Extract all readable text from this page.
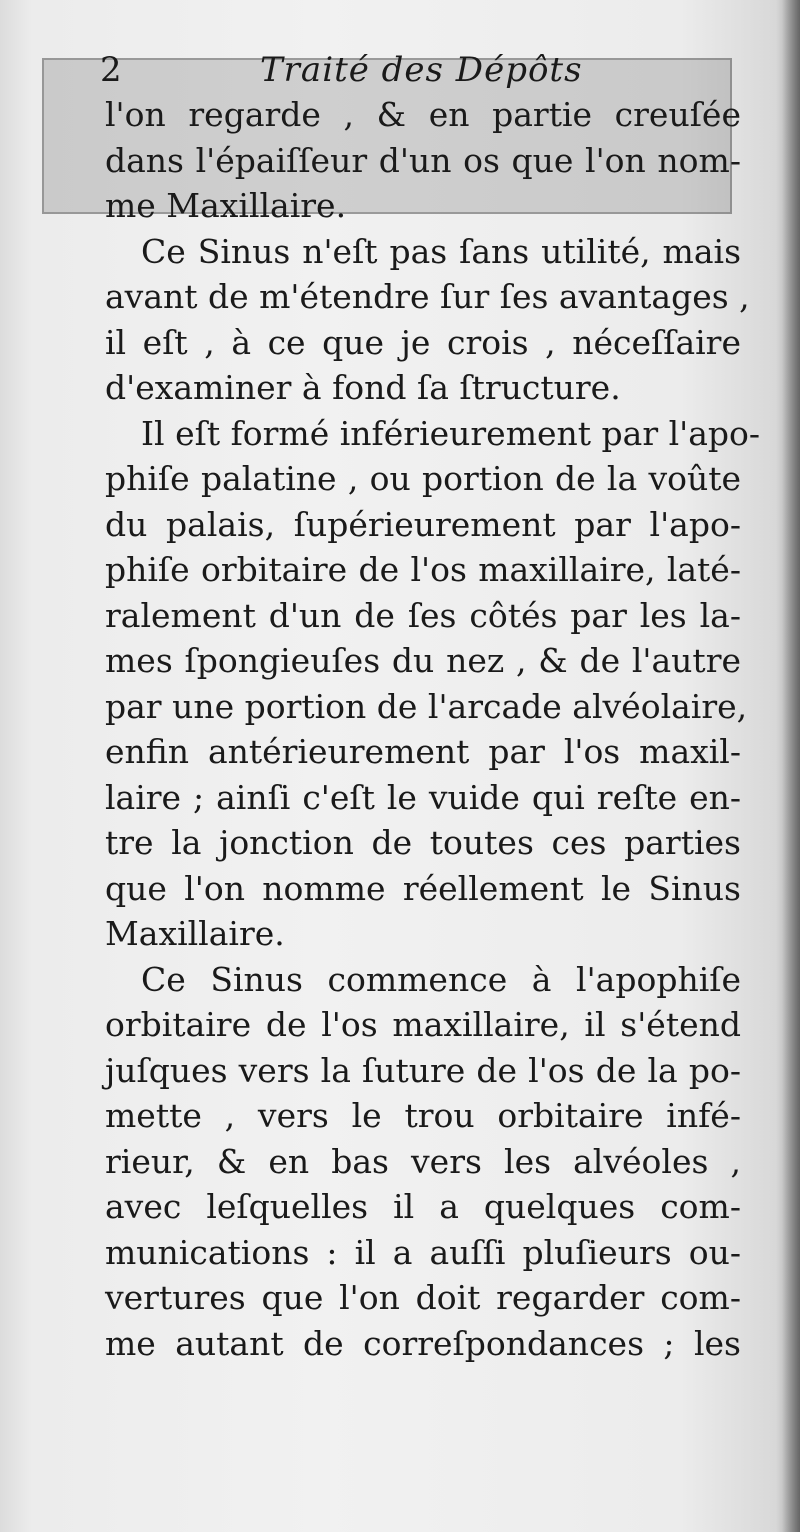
2	Traité des Dépôts
l'on regarde , & en partie creuſée
dans l'épaiſſeur d'un os que l'on nom-
me Maxillaire.
Ce Sinus n'eſt pas ſans utilité, mais
avant de m'étendre ſur ſes avantages ,
il eſt , à ce que je crois , néceſſaire
d'examiner à fond ſa ſtructure.
Il eſt formé inférieurement par l'apo-
phiſe palatine , ou portion de la voûte
du palais, ſupérieurement par l'apo-
phiſe orbitaire de l'os maxillaire, laté-
ralement d'un de ſes côtés par les la-
mes ſpongieuſes du nez , & de l'autre
par une portion de l'arcade alvéolaire,
enfin antérieurement par l'os maxil-
laire ; ainſi c'eſt le vuide qui reſte en-
tre la jonction de toutes ces parties
que l'on nomme réellement le Sinus
Maxillaire.
Ce Sinus commence à l'apophiſe
orbitaire de l'os maxillaire, il s'étend
juſques vers la ſuture de l'os de la po-
mette , vers le trou orbitaire infé-
rieur, & en bas vers les alvéoles ,
avec leſquelles il a quelques com-
munications : il a auſſi pluſieurs ou-
vertures que l'on doit regarder com-
me autant de correſpondances ; les
